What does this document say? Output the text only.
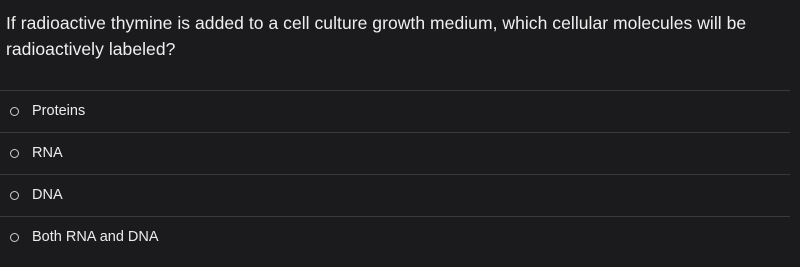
If radioactive thymine is added to a cell culture growth medium, which cellular molecules will be radioactively labeled?
Proteins
RNA
DNA
Both RNA and DNA
